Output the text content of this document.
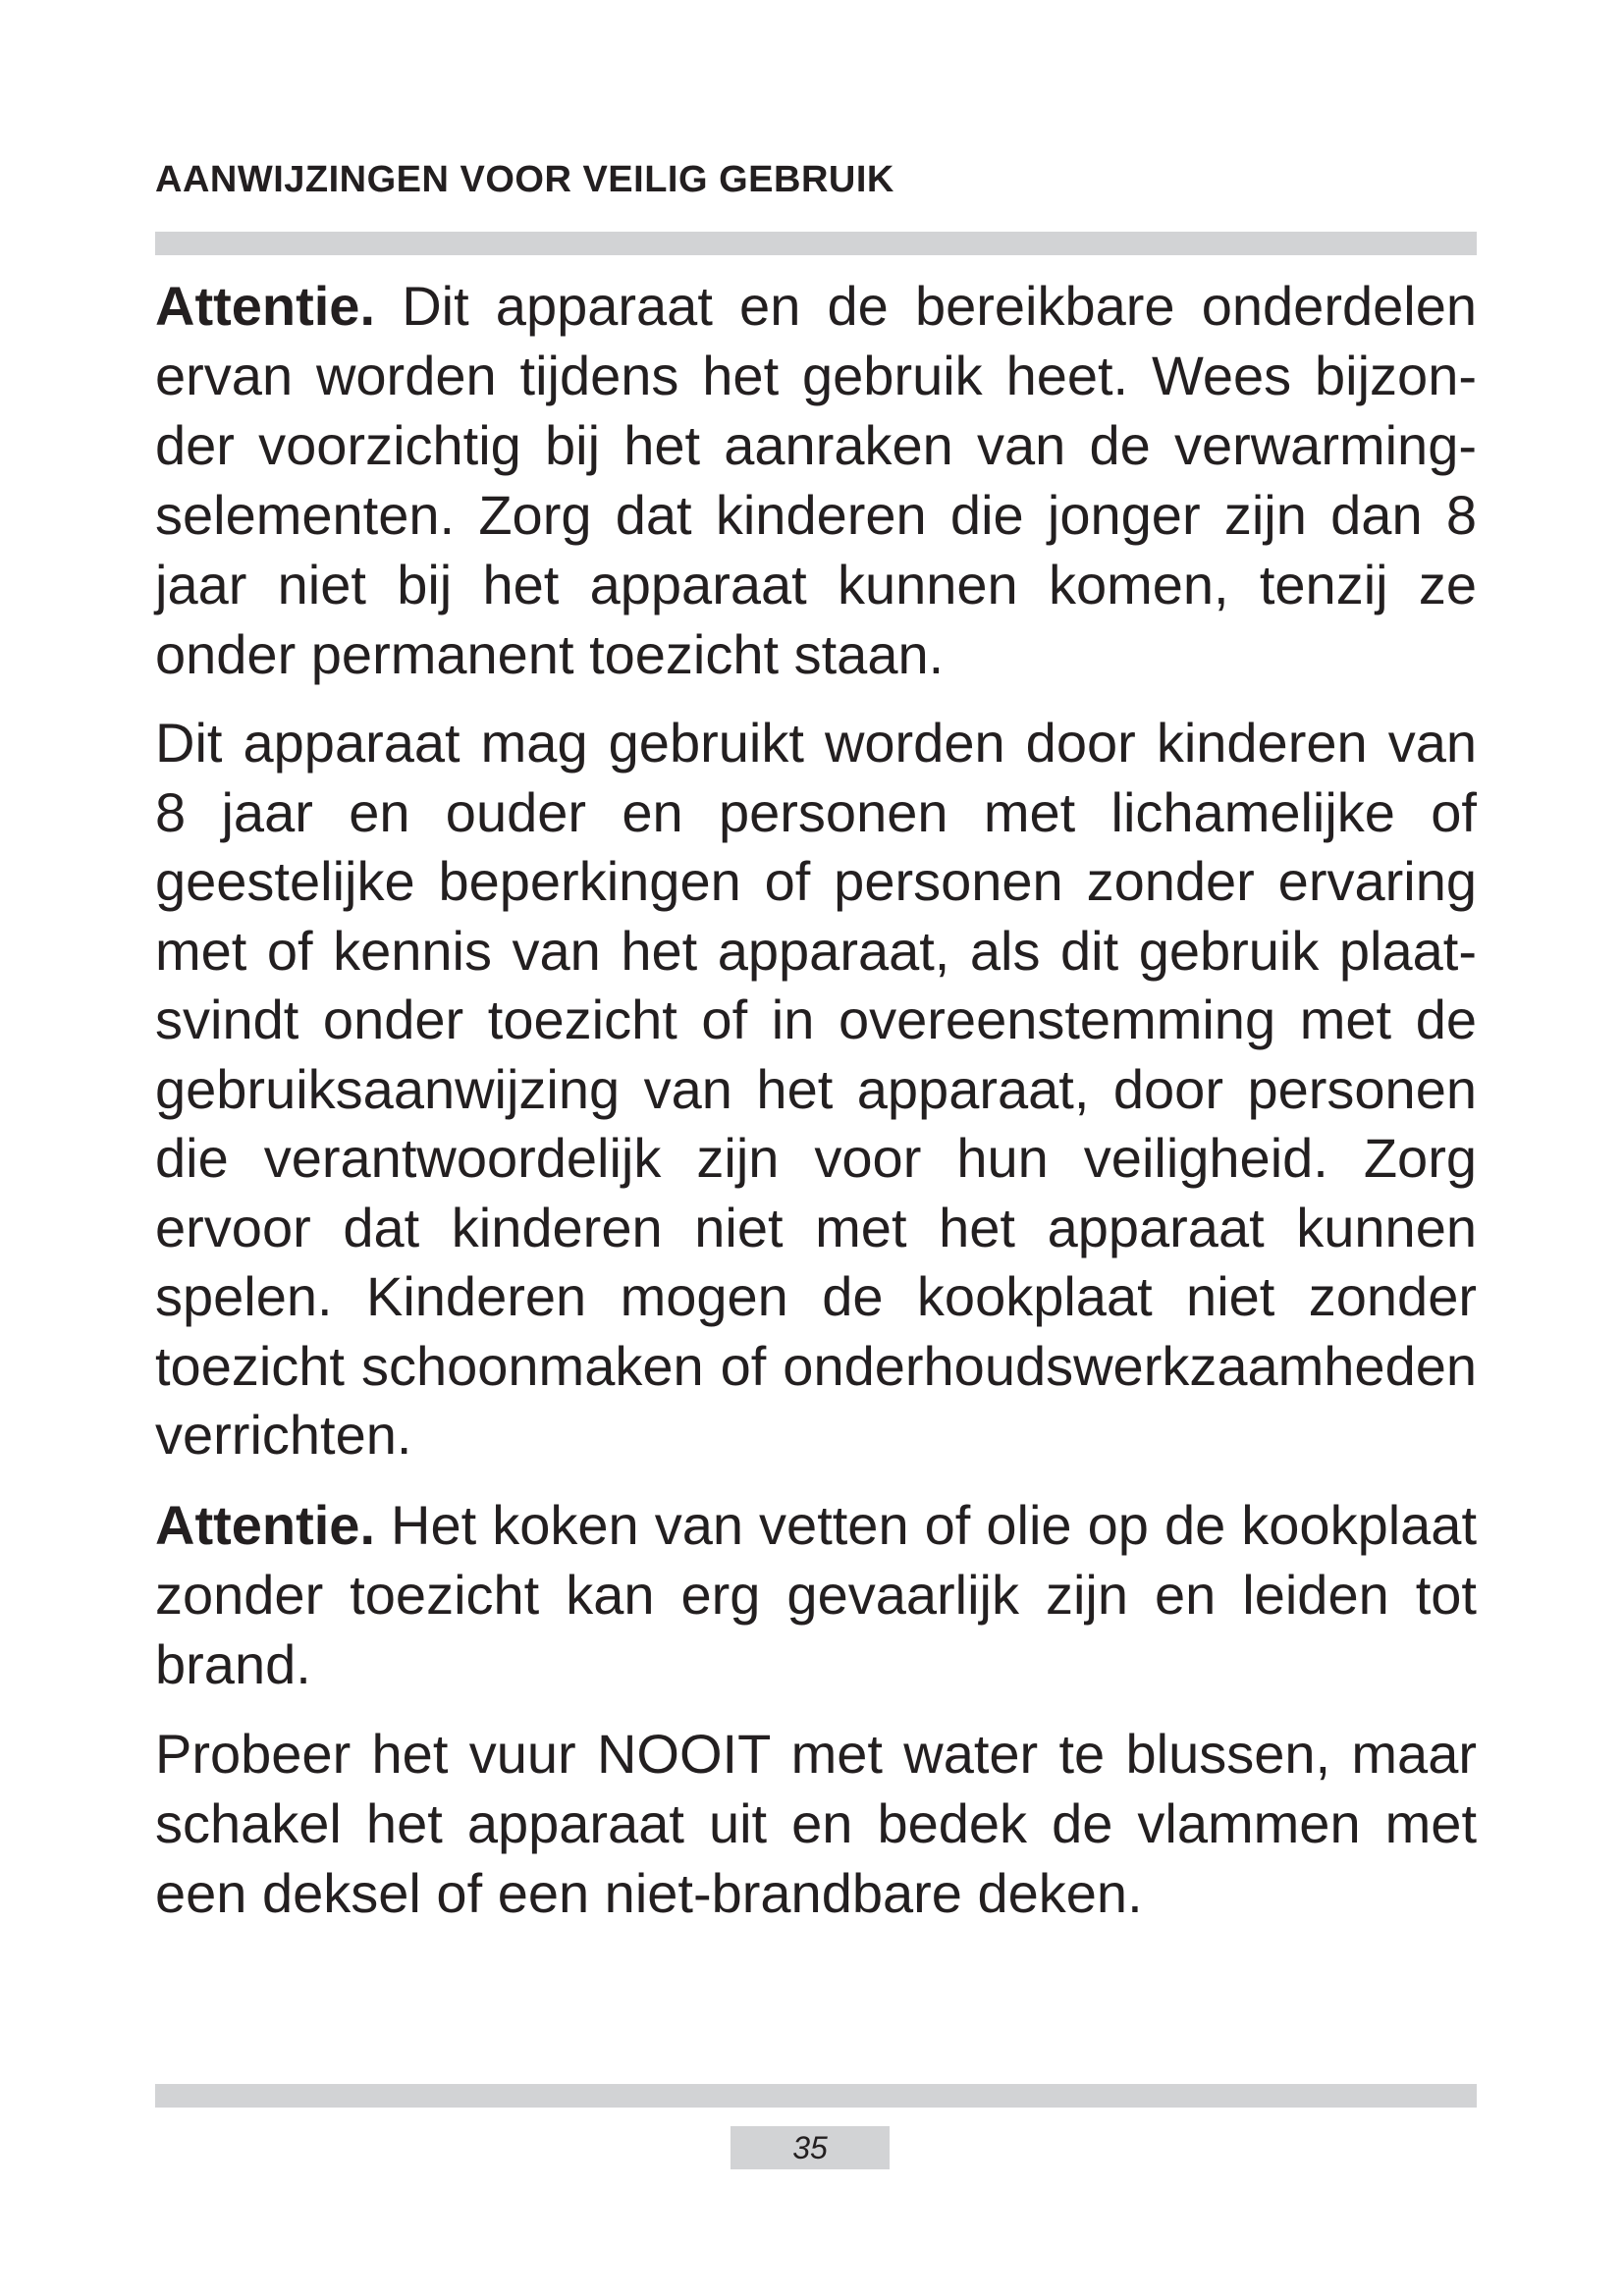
AANWIJZINGEN VOOR VEILIG GEBRUIK

Attentie. Dit apparaat en de bereikbare onderdelen ervan worden tijdens het gebruik heet. Wees bijzonder voorzichtig bij het aanraken van de verwarmingselementen. Zorg dat kinderen die jonger zijn dan 8 jaar niet bij het apparaat kunnen komen, tenzij ze onder permanent toezicht staan.

Dit apparaat mag gebruikt worden door kinderen van 8 jaar en ouder en personen met lichamelijke of geestelijke beperkingen of personen zonder ervaring met of kennis van het apparaat, als dit gebruik plaatsvindt onder toezicht of in overeenstemming met de gebruiksaanwijzing van het apparaat, door personen die verantwoordelijk zijn voor hun veiligheid. Zorg ervoor dat kinderen niet met het apparaat kunnen spelen. Kinderen mogen de kookplaat niet zonder toezicht schoonmaken of onderhoudswerkzaamheden verrichten.

Attentie. Het koken van vetten of olie op de kookplaat zonder toezicht kan erg gevaarlijk zijn en leiden tot brand.

Probeer het vuur NOOIT met water te blussen, maar schakel het apparaat uit en bedek de vlammen met een deksel of een niet-brandbare deken.

35
